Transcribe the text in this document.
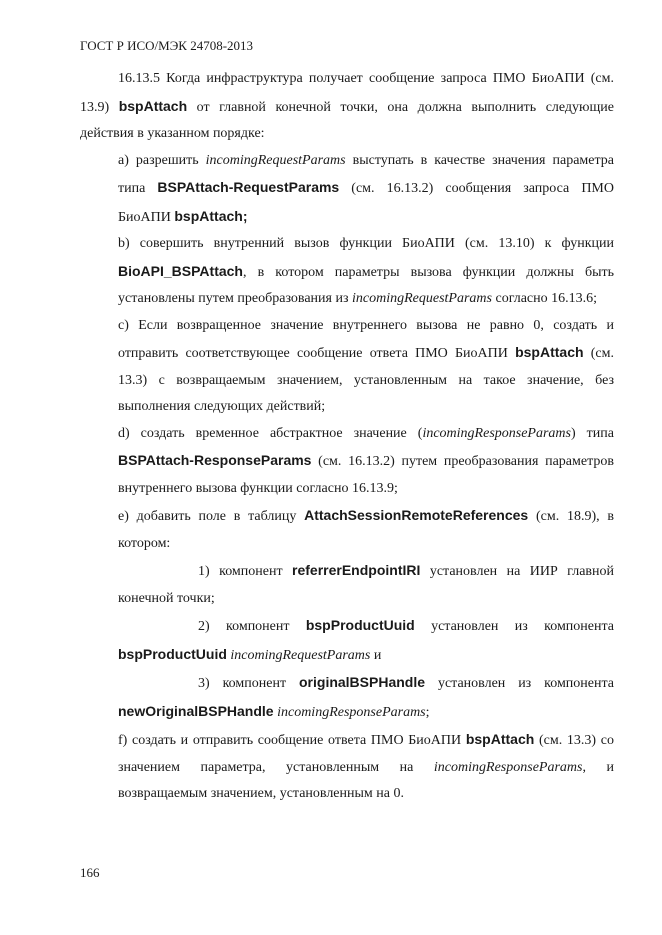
ГОСТ Р ИСО/МЭК 24708-2013

16.13.5 Когда инфраструктура получает сообщение запроса ПМО БиоАПИ (см. 13.9) bspAttach от главной конечной точки, она должна выполнить следующие действия в указанном порядке:

a) разрешить incomingRequestParams выступать в качестве значения параметра типа BSPAttach-RequestParams (см. 16.13.2) сообщения запроса ПМО БиоАПИ bspAttach;

b) совершить внутренний вызов функции БиоАПИ (см. 13.10) к функции BioAPI_BSPAttach, в котором параметры вызова функции должны быть установлены путем преобразования из incomingRequestParams согласно 16.13.6;

c) Если возвращенное значение внутреннего вызова не равно 0, создать и отправить соответствующее сообщение ответа ПМО БиоАПИ bspAttach (см. 13.3) с возвращаемым значением, установленным на такое значение, без выполнения следующих действий;

d) создать временное абстрактное значение (incomingResponseParams) типа BSPAttach-ResponseParams (см. 16.13.2) путем преобразования параметров внутреннего вызова функции согласно 16.13.9;

e) добавить поле в таблицу AttachSessionRemoteReferences (см. 18.9), в котором:

1) компонент referrerEndpointIRI установлен на ИИР главной конечной точки;

2) компонент bspProductUuid установлен из компонента bspProductUuid incomingRequestParams и

3) компонент originalBSPHandle установлен из компонента newOriginalBSPHandle incomingResponseParams;

f) создать и отправить сообщение ответа ПМО БиоАПИ bspAttach (см. 13.3) со значением параметра, установленным на incomingResponseParams, и возвращаемым значением, установленным на 0.

166
